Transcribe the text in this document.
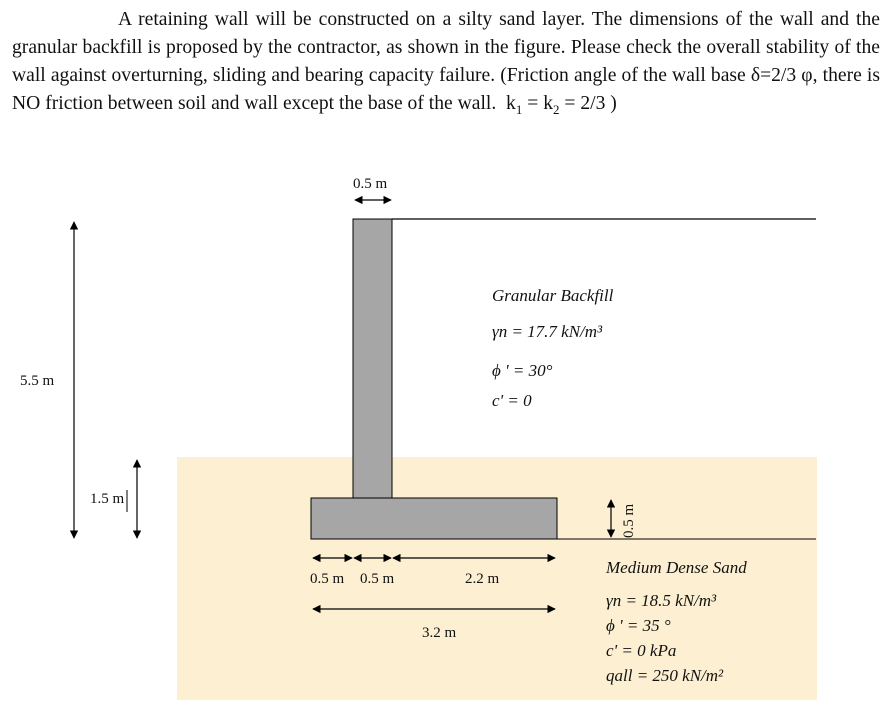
A retaining wall will be constructed on a silty sand layer. The dimensions of the wall and the granular backfill is proposed by the contractor, as shown in the figure. Please check the overall stability of the wall against overturning, sliding and bearing capacity failure. (Friction angle of the wall base δ=2/3 φ, there is NO friction between soil and wall except the base of the wall. $k_1 = k_2 = 2/3$ )

0.5 m
5.5 m
1.5 m
0.5 m
0.5 m 0.5 m	2.2 m
3.2 m
Granular Backfill
γn = 17.7 kN/m³
ϕ ' = 30°
c' = 0
Medium Dense Sand
γn = 18.5 kN/m³
ϕ ' = 35 °
c' = 0 kPa
qall = 250 kN/m²
